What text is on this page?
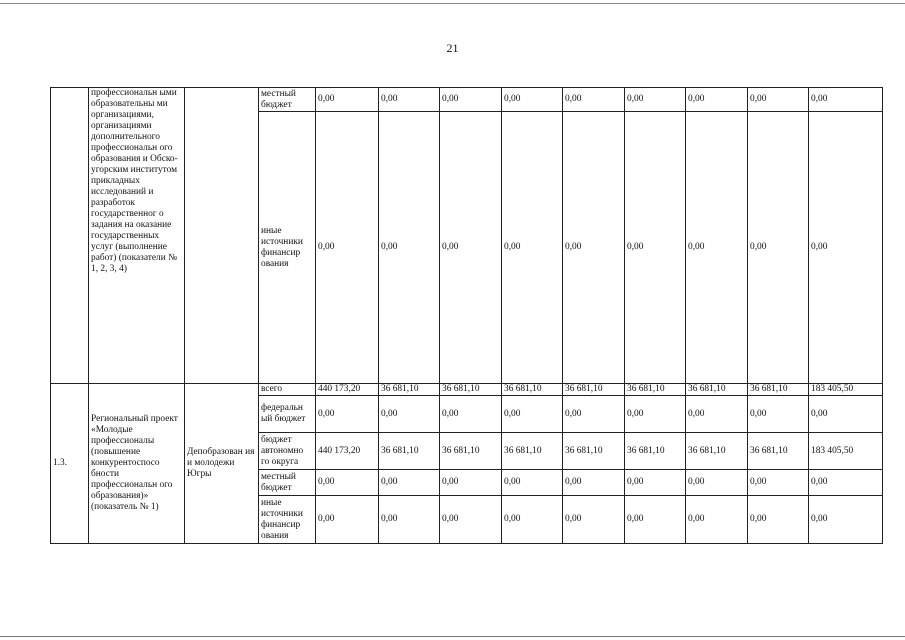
21
	профессиональн ыми образовательны ми организациями, организациями дополнительного профессиональн ого образования и Обско-угорским институтом прикладных исследований и разработок государственног о задания на оказание государственных услуг (выполнение работ) (показатели № 1, 2, 3, 4)		местный бюджет	0,00	0,00	0,00	0,00	0,00	0,00	0,00	0,00	0,00
			иные источники финансир ования	0,00	0,00	0,00	0,00	0,00	0,00	0,00	0,00	0,00
1.3.	Региональный проект «Молодые профессионалы (повышение конкурентоспосо бности профессиональн ого образования)» (показатель № 1)	Депобразован ия и молодежи Югры	всего	440 173,20	36 681,10	36 681,10	36 681,10	36 681,10	36 681,10	36 681,10	36 681,10	183 405,50
			федеральн ый бюджет	0,00	0,00	0,00	0,00	0,00	0,00	0,00	0,00	0,00
			бюджет автономно го округа	440 173,20	36 681,10	36 681,10	36 681,10	36 681,10	36 681,10	36 681,10	36 681,10	183 405,50
			местный бюджет	0,00	0,00	0,00	0,00	0,00	0,00	0,00	0,00	0,00
			иные источники финансир ования	0,00	0,00	0,00	0,00	0,00	0,00	0,00	0,00	0,00
